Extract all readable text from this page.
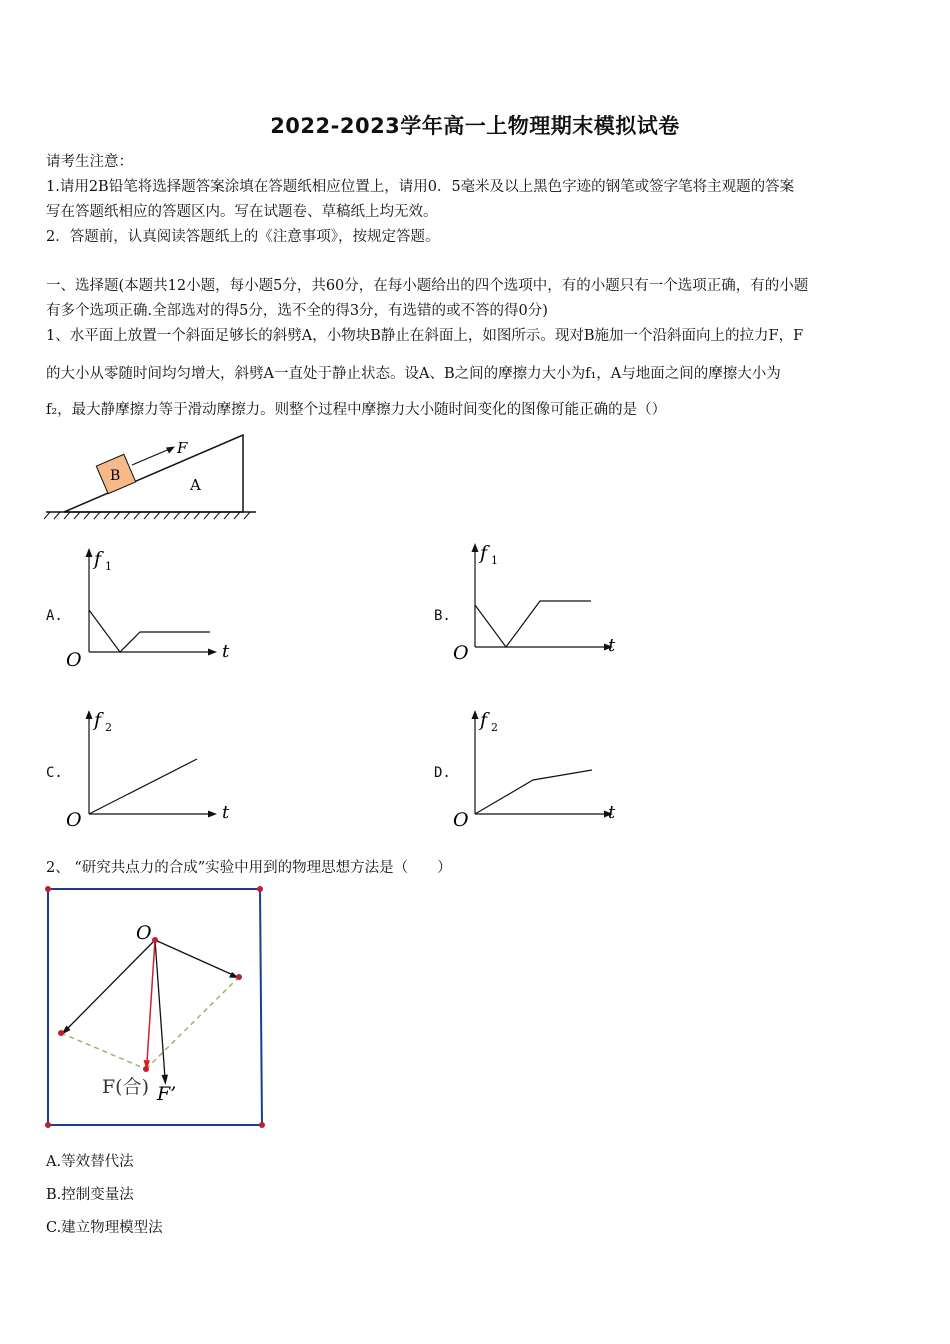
2022-2023学年高一上物理期末模拟试卷
请考生注意：
1.请用2B铅笔将选择题答案涂填在答题纸相应位置上，请用0．5毫米及以上黑色字迹的钢笔或签字笔将主观题的答案
写在答题纸相应的答题区内。写在试题卷、草稿纸上均无效。
2．答题前，认真阅读答题纸上的《注意事项》，按规定答题。
一、选择题(本题共12小题，每小题5分，共60分，在每小题给出的四个选项中，有的小题只有一个选项正确，有的小题
有多个选项正确.全部选对的得5分，选不全的得3分，有选错的或不答的得0分)
1、水平面上放置一个斜面足够长的斜劈A，小物块B静止在斜面上，如图所示。现对B施加一个沿斜面向上的拉力F，F
的大小从零随时间均匀增大，斜劈A一直处于静止状态。设A、B之间的摩擦力大小为f₁，A与地面之间的摩擦大小为
f₂，最大静摩擦力等于滑动摩擦力。则整个过程中摩擦力大小随时间变化的图像可能正确的是（）
B	A
F
A.
f 1
t
O
B.
f 1
t
O
C.
f 2
t
O
D.
f 2
t
O
2、 “研究共点力的合成”实验中用到的物理思想方法是（　　）
O
F(合) F’
A.等效替代法
B.控制变量法
C.建立物理模型法
